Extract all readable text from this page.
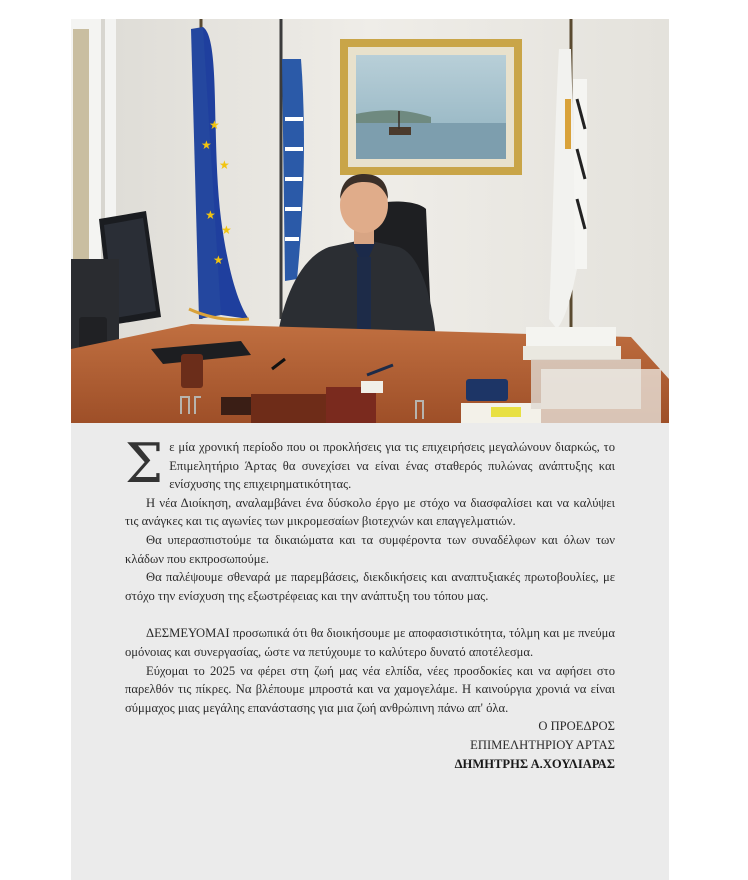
★
★
★
★
★
★
Σ ε μία χρονική περίοδο που οι προκλήσεις για τις επιχειρήσεις μεγαλώνουν διαρκώς, το Επιμελητήριο Άρτας θα συνεχίσει να είναι ένας σταθερός πυλώνας ανάπτυξης και ενίσχυσης της επιχειρηματικότητας.

Η νέα Διοίκηση, αναλαμβάνει ένα δύσκολο έργο με στόχο να διασφαλίσει και να καλύψει τις ανάγκες και τις αγωνίες των μικρομεσαίων βιοτεχνών και επαγγελματιών.

Θα υπερασπιστούμε τα δικαιώματα και τα συμφέροντα των συναδέλφων και όλων των κλάδων που εκπροσωπούμε.

Θα παλέψουμε σθεναρά με παρεμβάσεις, διεκδικήσεις και αναπτυξιακές πρωτοβουλίες, με στόχο την ενίσχυση της εξωστρέφειας και την ανάπτυξη του τόπου μας.

ΔΕΣΜΕΥΟΜΑΙ προσωπικά ότι θα διοικήσουμε με αποφασιστικότητα, τόλμη και με πνεύμα ομόνοιας και συνεργασίας, ώστε να πετύχουμε το καλύτερο δυνατό αποτέλεσμα.

Εύχομαι το 2025 να φέρει στη ζωή μας νέα ελπίδα, νέες προσδοκίες και να αφήσει στο παρελθόν τις πίκρες. Να βλέπουμε μπροστά και να χαμογελάμε. Η καινούργια χρονιά να είναι σύμμαχος μιας μεγάλης επανάστασης για μια ζωή ανθρώπινη πάνω απ' όλα.

Ο ΠΡΟΕΔΡΟΣ
ΕΠΙΜΕΛΗΤΗΡΙΟΥ ΑΡΤΑΣ
ΔΗΜΗΤΡΗΣ Α.ΧΟΥΛΙΑΡΑΣ
